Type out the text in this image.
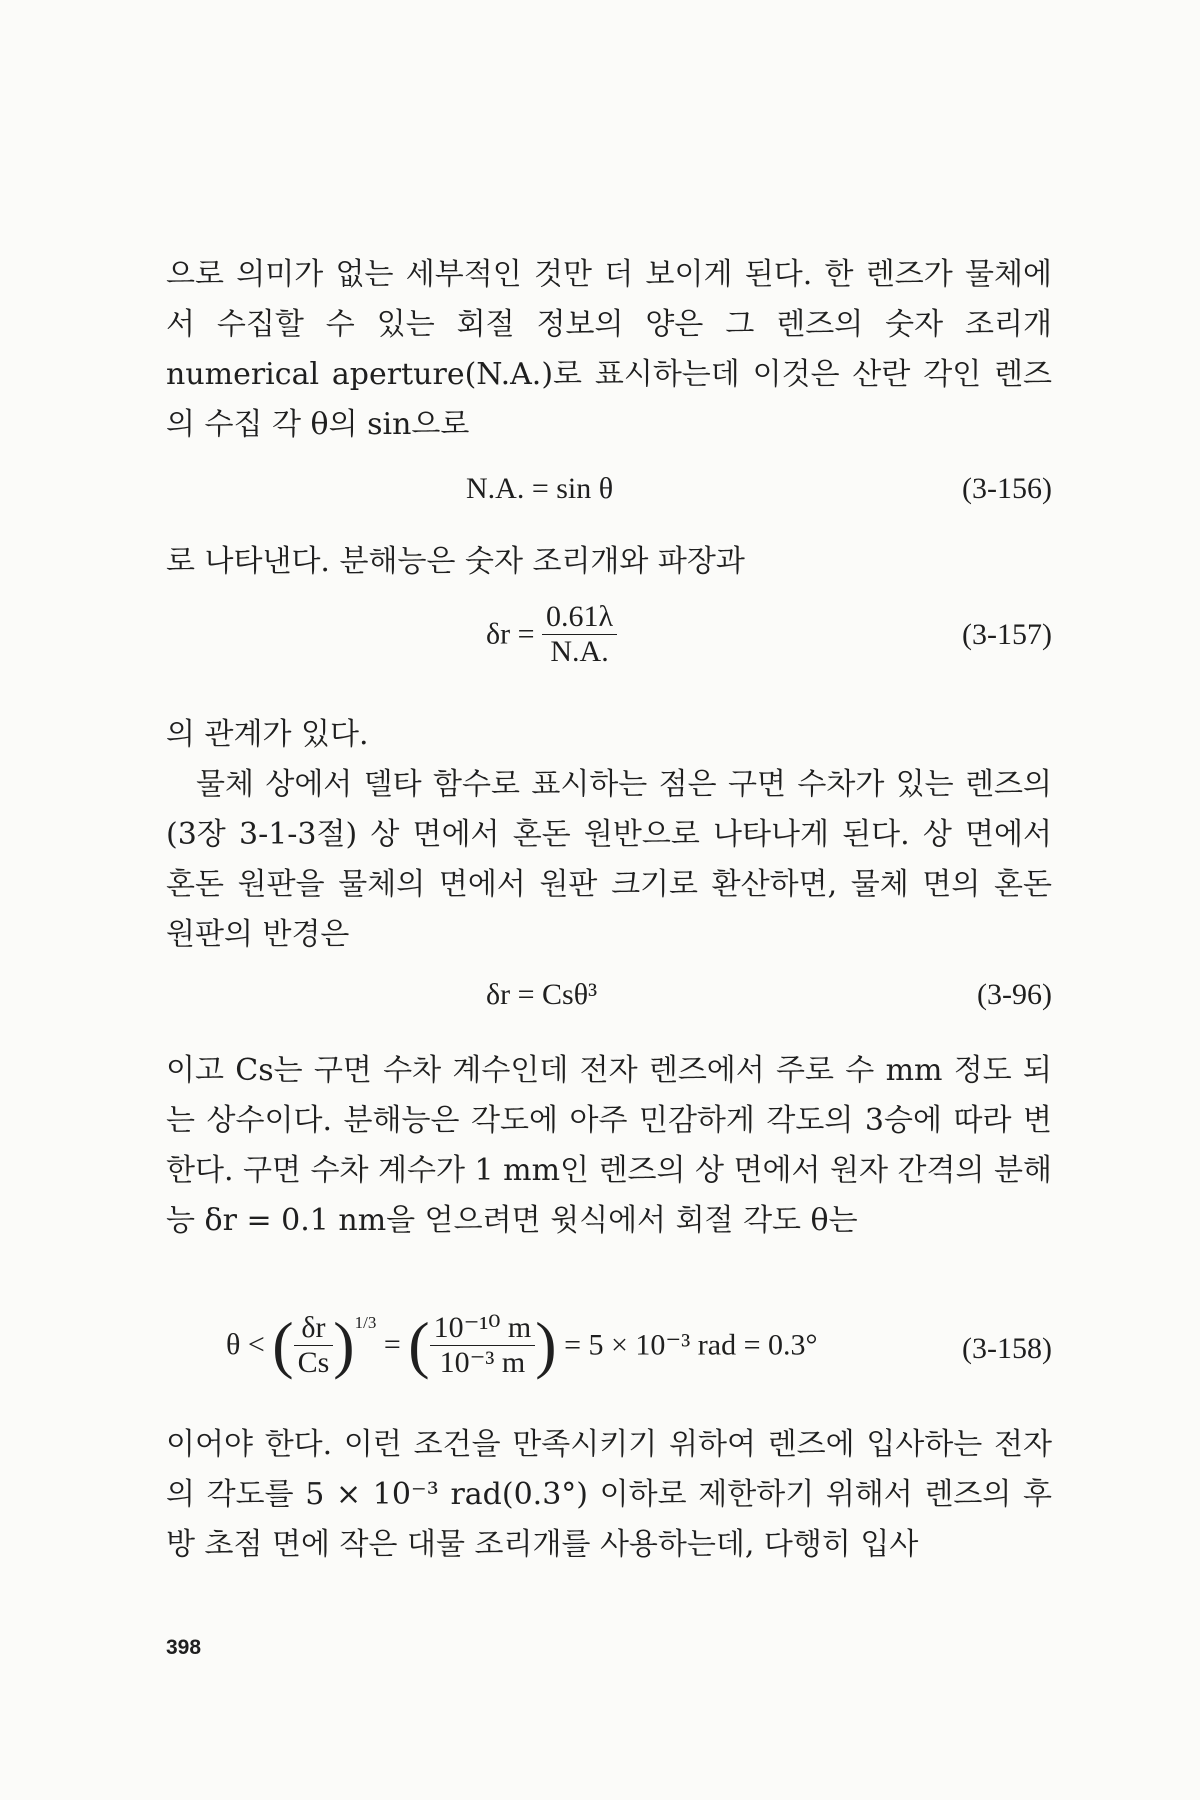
으로 의미가 없는 세부적인 것만 더 보이게 된다. 한 렌즈가 물체에서 수집할 수 있는 회절 정보의 양은 그 렌즈의 숫자 조리개 numerical aperture(N.A.)로 표시하는데 이것은 산란 각인 렌즈의 수집 각 θ의 sin으로

N.A. = sin θ	(3-156)

로 나타낸다. 분해능은 숫자 조리개와 파장과

$\delta r = \frac{0.61\lambda}{N.A.}$	(3-157)

의 관계가 있다.

물체 상에서 델타 함수로 표시하는 점은 구면 수차가 있는 렌즈의(3장 3-1-3절) 상 면에서 혼돈 원반으로 나타나게 된다. 상 면에서 혼돈 원판을 물체의 면에서 원판 크기로 환산하면, 물체 면의 혼돈 원판의 반경은

δr = Csθ³	(3-96)

이고 Cs는 구면 수차 계수인데 전자 렌즈에서 주로 수 mm 정도 되는 상수이다. 분해능은 각도에 아주 민감하게 각도의 3승에 따라 변한다. 구면 수차 계수가 1 mm인 렌즈의 상 면에서 원자 간격의 분해능 δr = 0.1 nm을 얻으려면 윗식에서 회절 각도 θ는

θ < ( $\frac{\delta r}{Cs} )^{1/3}$ = ( $\frac{\text{10⁻¹⁰ m}}{\text{10⁻³ m}}$ ) = 5 × 10⁻³ rad = 0.3°	(3-158)

이어야 한다. 이런 조건을 만족시키기 위하여 렌즈에 입사하는 전자의 각도를 5 × 10⁻³ rad(0.3°) 이하로 제한하기 위해서 렌즈의 후방 초점 면에 작은 대물 조리개를 사용하는데, 다행히 입사

398
